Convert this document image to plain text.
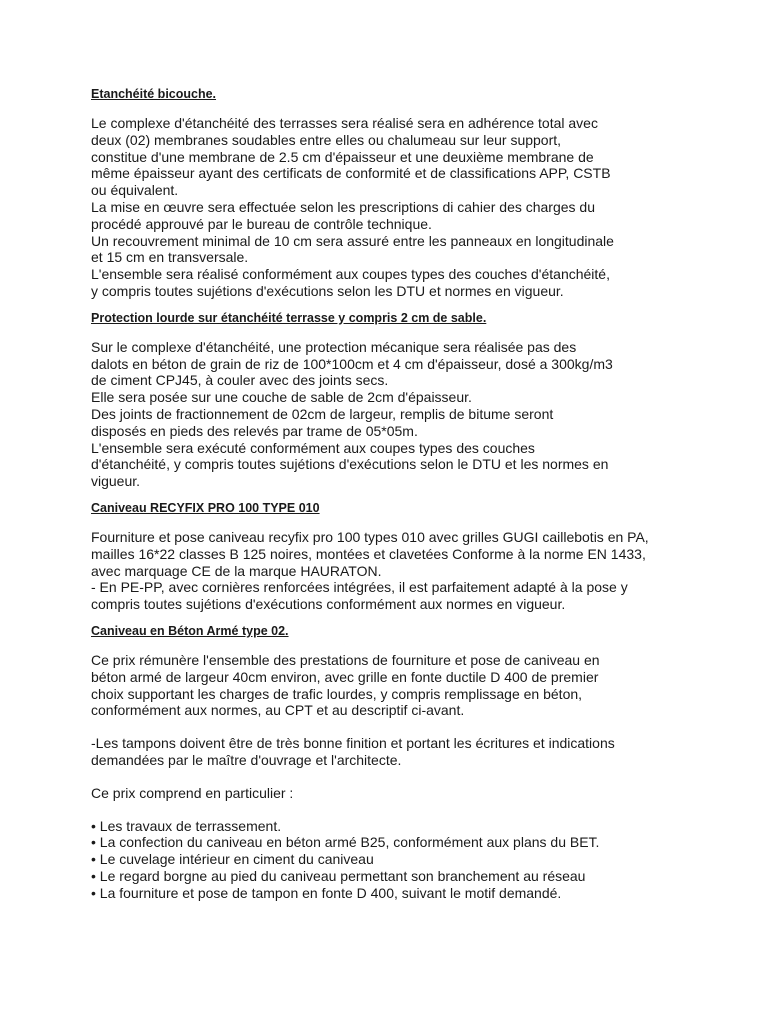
Etanchéité bicouche.

Le complexe d'étanchéité des terrasses sera réalisé sera en adhérence total avec
deux (02) membranes soudables entre elles ou chalumeau sur leur support,
constitue d'une membrane de 2.5 cm d'épaisseur et une deuxième membrane de
même épaisseur ayant des certificats de conformité et de classifications APP, CSTB
ou équivalent.
La mise en œuvre sera effectuée selon les prescriptions di cahier des charges du
procédé approuvé par le bureau de contrôle technique.
Un recouvrement minimal de 10 cm sera assuré entre les panneaux en longitudinale
et 15 cm en transversale.
L'ensemble sera réalisé conformément aux coupes types des couches d'étanchéité,
y compris toutes sujétions d'exécutions selon les DTU et normes en vigueur.

Protection lourde sur étanchéité terrasse y compris 2 cm de sable.

Sur le complexe d'étanchéité, une protection mécanique sera réalisée pas des
dalots en béton de grain de riz de 100*100cm et 4 cm d'épaisseur, dosé a 300kg/m3
de ciment CPJ45, à couler avec des joints secs.
Elle sera posée sur une couche de sable de 2cm d'épaisseur.
Des joints de fractionnement de 02cm de largeur, remplis de bitume seront
disposés en pieds des relevés par trame de 05*05m.
L'ensemble sera exécuté conformément aux coupes types des couches
d'étanchéité, y compris toutes sujétions d'exécutions selon le DTU et les normes en
vigueur.

Caniveau RECYFIX PRO 100 TYPE 010

Fourniture et pose caniveau recyfix pro 100 types 010 avec grilles GUGI caillebotis en PA,
mailles 16*22 classes B 125 noires, montées et clavetées Conforme à la norme EN 1433,
avec marquage CE de la marque HAURATON.
- En PE-PP, avec cornières renforcées intégrées, il est parfaitement adapté à la pose y
compris toutes sujétions d'exécutions conformément aux normes en vigueur.

Caniveau en Béton Armé type 02.

Ce prix rémunère l'ensemble des prestations de fourniture et pose de caniveau en
béton armé de largeur 40cm environ, avec grille en fonte ductile D 400 de premier
choix supportant les charges de trafic lourdes, y compris remplissage en béton,
conformément aux normes, au CPT et au descriptif ci-avant.

-Les tampons doivent être de très bonne finition et portant les écritures et indications
demandées par le maître d'ouvrage et l'architecte.

Ce prix comprend en particulier :

• Les travaux de terrassement.
• La confection du caniveau en béton armé B25, conformément aux plans du BET.
• Le cuvelage intérieur en ciment du caniveau
• Le regard borgne au pied du caniveau permettant son branchement au réseau
• La fourniture et pose de tampon en fonte D 400, suivant le motif demandé.
